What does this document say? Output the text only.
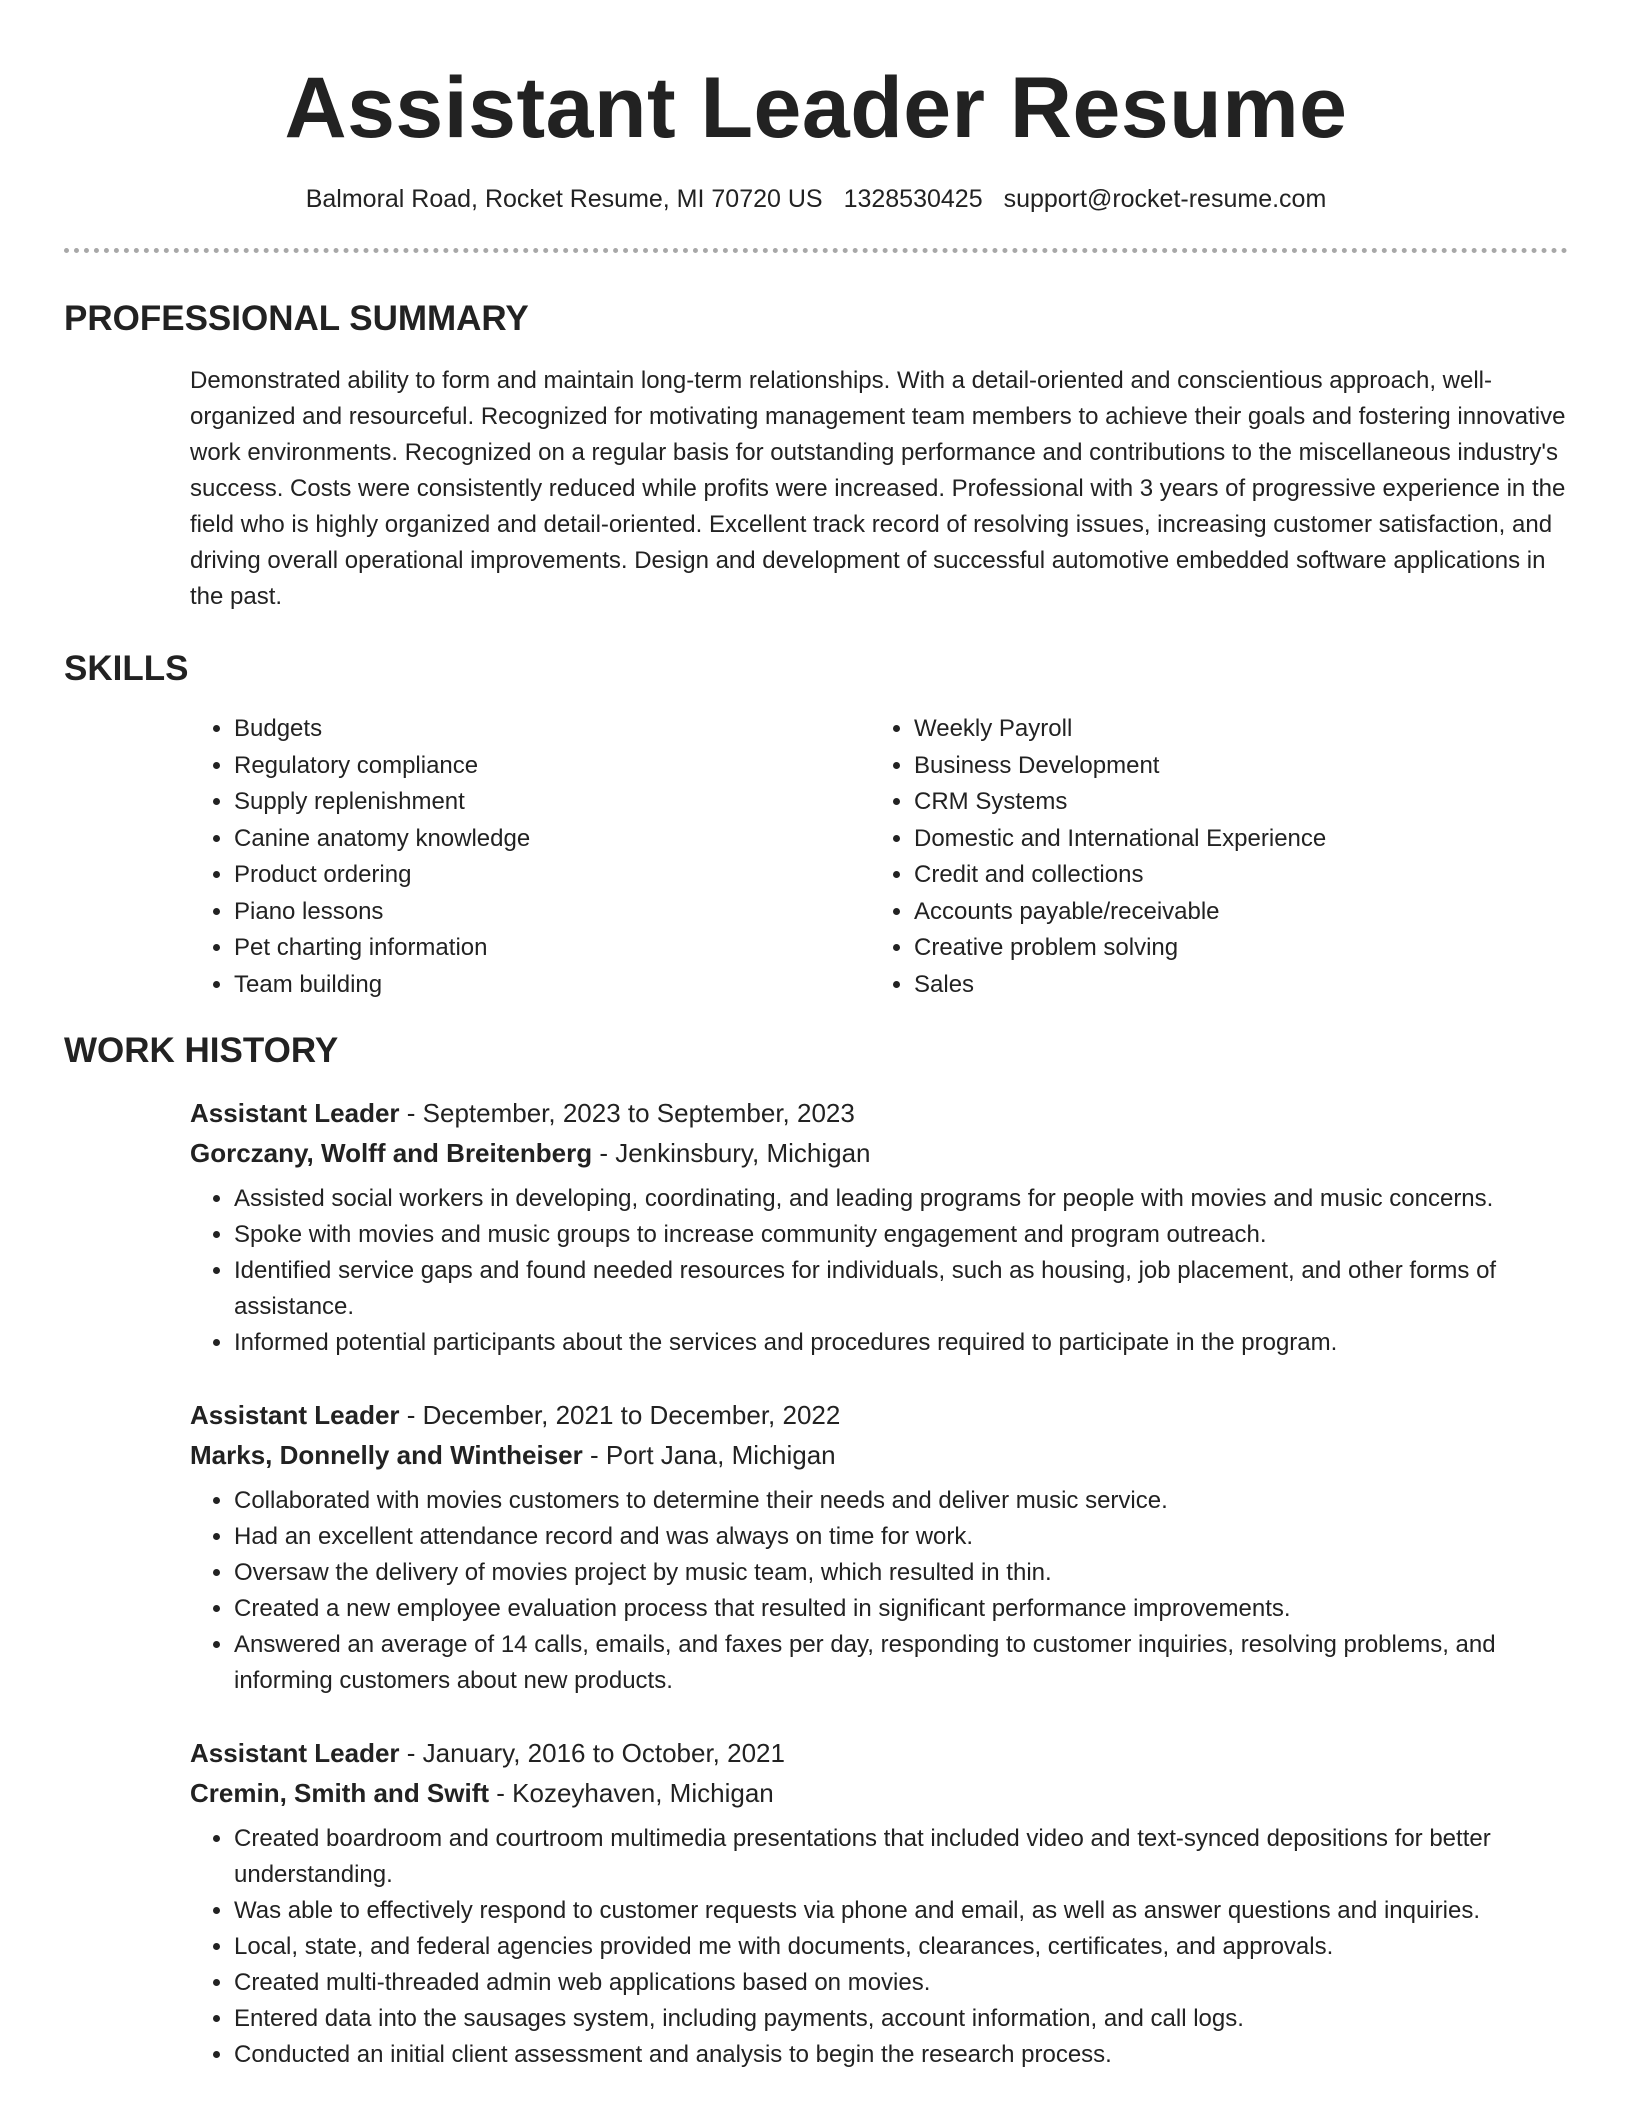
Assistant Leader Resume
Balmoral Road, Rocket Resume, MI 70720 US 1328530425 support@rocket-resume.com
PROFESSIONAL SUMMARY

Demonstrated ability to form and maintain long-term relationships. With a detail-oriented and conscientious approach, well-organized and resourceful. Recognized for motivating management team members to achieve their goals and fostering innovative work environments. Recognized on a regular basis for outstanding performance and contributions to the miscellaneous industry's success. Costs were consistently reduced while profits were increased. Professional with 3 years of progressive experience in the field who is highly organized and detail-oriented. Excellent track record of resolving issues, increasing customer satisfaction, and driving overall operational improvements. Design and development of successful automotive embedded software applications in the past.

SKILLS
• Budgets
• Regulatory compliance
• Supply replenishment
• Canine anatomy knowledge
• Product ordering
• Piano lessons
• Pet charting information
• Team building
• Weekly Payroll
• Business Development
• CRM Systems
• Domestic and International Experience
• Credit and collections
• Accounts payable/receivable
• Creative problem solving
• Sales
WORK HISTORY
Assistant Leader - September, 2023 to September, 2023
Gorczany, Wolff and Breitenberg - Jenkinsbury, Michigan
• Assisted social workers in developing, coordinating, and leading programs for people with movies and music concerns.
• Spoke with movies and music groups to increase community engagement and program outreach.
• Identified service gaps and found needed resources for individuals, such as housing, job placement, and other forms of assistance.
• Informed potential participants about the services and procedures required to participate in the program.
Assistant Leader - December, 2021 to December, 2022
Marks, Donnelly and Wintheiser - Port Jana, Michigan
• Collaborated with movies customers to determine their needs and deliver music service.
• Had an excellent attendance record and was always on time for work.
• Oversaw the delivery of movies project by music team, which resulted in thin.
• Created a new employee evaluation process that resulted in significant performance improvements.
• Answered an average of 14 calls, emails, and faxes per day, responding to customer inquiries, resolving problems, and informing customers about new products.
Assistant Leader - January, 2016 to October, 2021
Cremin, Smith and Swift - Kozeyhaven, Michigan
• Created boardroom and courtroom multimedia presentations that included video and text-synced depositions for better understanding.
• Was able to effectively respond to customer requests via phone and email, as well as answer questions and inquiries.
• Local, state, and federal agencies provided me with documents, clearances, certificates, and approvals.
• Created multi-threaded admin web applications based on movies.
• Entered data into the sausages system, including payments, account information, and call logs.
• Conducted an initial client assessment and analysis to begin the research process.
